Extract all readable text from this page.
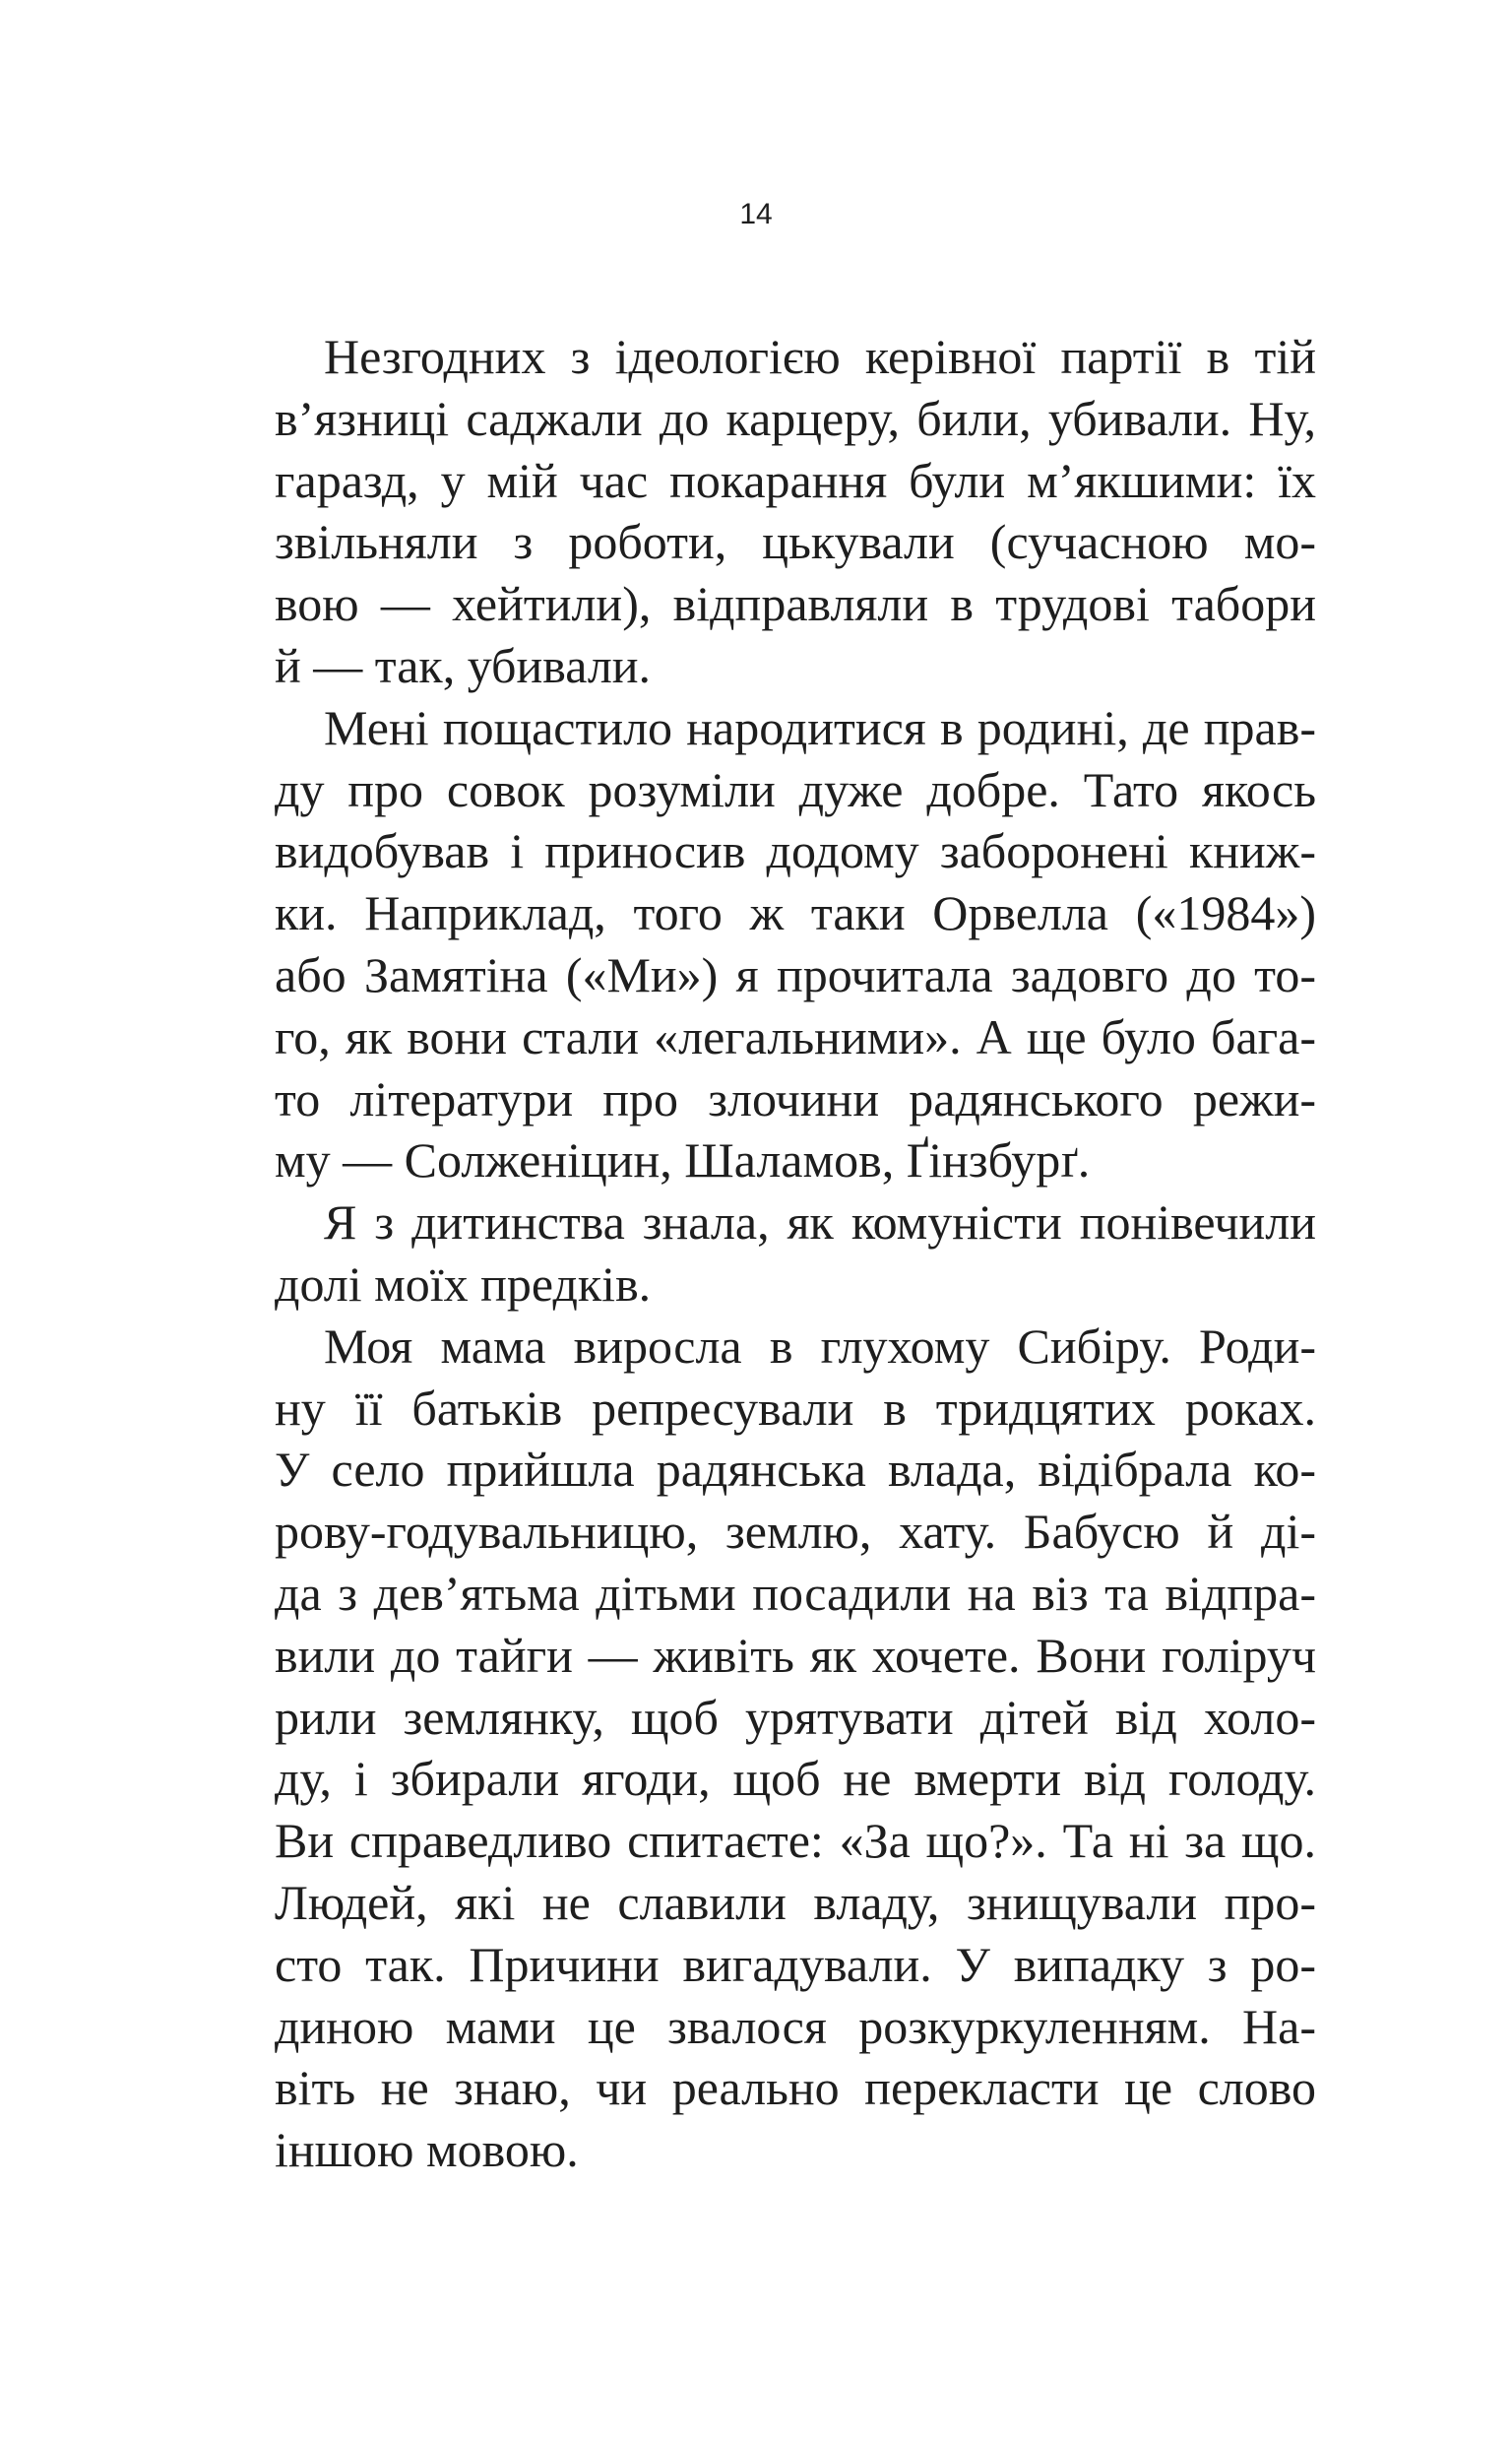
14
Незгодних з ідеологією керівної партії в тій
в’язниці саджали до карцеру, били, убивали. Ну,
гаразд, у мій час покарання були м’якшими: їх
звільняли з роботи, цькували (сучасною мо-
вою — хейтили), відправляли в трудові табори
й — так, убивали.
Мені пощастило народитися в родині, де прав-
ду про совок розуміли дуже добре. Тато якось
видобував і приносив додому заборонені книж-
ки. Наприклад, того ж таки Орвелла («1984»)
або Замятіна («Ми») я прочитала задовго до то-
го, як вони стали «легальними». А ще було бага-
то літератури про злочини радянського режи-
му — Солженіцин, Шаламов, Ґінзбурґ.
Я з дитинства знала, як комуністи понівечили
долі моїх предків.
Моя мама виросла в глухому Сибіру. Роди-
ну її батьків репресували в тридцятих роках.
У село прийшла радянська влада, відібрала ко-
рову-годувальницю, землю, хату. Бабусю й ді-
да з дев’ятьма дітьми посадили на віз та відпра-
вили до тайги — живіть як хочете. Вони голіруч
рили землянку, щоб урятувати дітей від холо-
ду, і збирали ягоди, щоб не вмерти від голоду.
Ви справедливо спитаєте: «За що?». Та ні за що.
Людей, які не славили владу, знищували про-
сто так. Причини вигадували. У випадку з ро-
диною мами це звалося розкуркуленням. На-
віть не знаю, чи реально перекласти це слово
іншою мовою.
